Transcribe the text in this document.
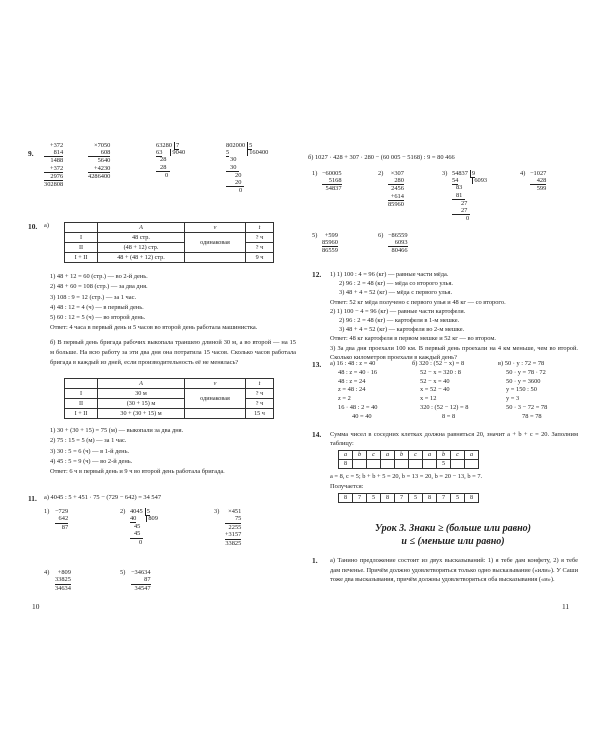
9.
+372
814
1488
+372
2976
302808
×7050
608
5640
+4230
4286400
63280 7
63 9040
28
28
0
802000 5
5	160400
30
30
20
20
0
10. а)
		A	v	t
I	48 стр.	одинаковая	? ч
II	(48 + 12) стр.		? ч
I + II	48 + (48 + 12) стр.		9 ч
1) 48 + 12 = 60 (стр.) — во 2-й день.
2) 48 + 60 = 108 (стр.) — за два дня.
3) 108 : 9 = 12 (стр.) — за 1 час.
4) 48 : 12 = 4 (ч) — в первый день.
5) 60 : 12 = 5 (ч) — во второй день.
Ответ: 4 часа в первый день и 5 часов во второй день работала машинистка.
б) В первый день бригада рабочих выкопала траншею длиной 30 м, а во второй — на 15 м больше. На всю работу за эти два дня она потратила 15 часов. Сколько часов работала бригада в каждый из дней, если производительность её не менялась?
	A	v	t
I	30 м	одинаковая	? ч
II	(30 + 15) м		? ч
I + II	30 + (30 + 15) м		15 ч
1) 30 + (30 + 15) = 75 (м) — выкопали за два дня.
2) 75 : 15 = 5 (м) — за 1 час.
3) 30 : 5 = 6 (ч) — в 1-й день.
4) 45 : 5 = 9 (ч) — во 2-й день.
Ответ: 6 ч в первый день и 9 ч во второй день работала бригада.
11. а) 4045 : 5 + 451 · 75 − (729 − 642) = 34 547
1) −729
642
87
2) 4045 5
40 809
45
45
0
3)	×451
75
2255
+3157
33825
4)	+809
33825
34634
5) −34634
87
34547
10
б) 1027 · 428 + 307 · 280 − (60 005 − 5168) : 9 = 80 466
1) −60005
5168
54837
2)	×307
280
2456
+614
85960
3) 54837 9
54	6093
83
81
27
27
0
4) −1027
428
599
5)	+599
85960
86559
6) −86559
6093
80466
12. 1) 1) 100 : 4 = 96 (кг) — равные части мёда.
2) 96 : 2 = 48 (кг) — мёда со второго улья.
3) 48 + 4 = 52 (кг) — мёда с первого улья.
Ответ: 52 кг мёда получено с первого улья и 48 кг — со второго.
2) 1) 100 − 4 = 96 (кг) — равные части картофеля.
2) 96 : 2 = 48 (кг) — картофеля в 1-м мешке.
3) 48 + 4 = 52 (кг) — картофеля во 2-м мешке.
Ответ: 48 кг картофеля в первом мешке и 52 кг — во втором.
3) За два дня проехали 100 км. В первый день проехали на 4 км меньше, чем во второй. Сколько километров проехали в каждый день?
13. а) 16 : 48 : z = 40
48 : z = 40 · 16
48 : z = 24
z = 48 : 24
z = 2
16 · 48 : 2 = 40
40 = 40
б) 320 : (52 − x) = 8
52 − x = 320 : 8
52 − x = 40
x = 52 − 40
x = 12
320 : (52 − 12) = 8
8 = 8
в) 50 · y : 72 = 78
50 · y = 78 · 72
50 · y = 3600
y = 150 : 50
y = 3
50 · 3 − 72 = 78
78 = 78
14. Сумма чисел в соседних клетках должна равняться 20, значит a + b + c = 20. Заполним таблицу:
a	b	c	a	b	c	a	b	c	a
8							5		
a = 8, c = 5; b + b + 5 = 20, b = 13 = 20, b = 20 − 13, b = 7.
Получается:
8	7	5	8	7	5	8	7	5	8
Урок 3. Знаки ≥ (больше или равно)
и ≤ (меньше или равно)
1. а) Танино предложение состоит из двух высказываний: 1) я тебе дам конфету, 2) я тебе дам печенье. Причём должно удовлетворяться только одно высказывание («или»). У Саши тоже два высказывания, причём должны удовлетворяться оба высказывания («и»).
11
